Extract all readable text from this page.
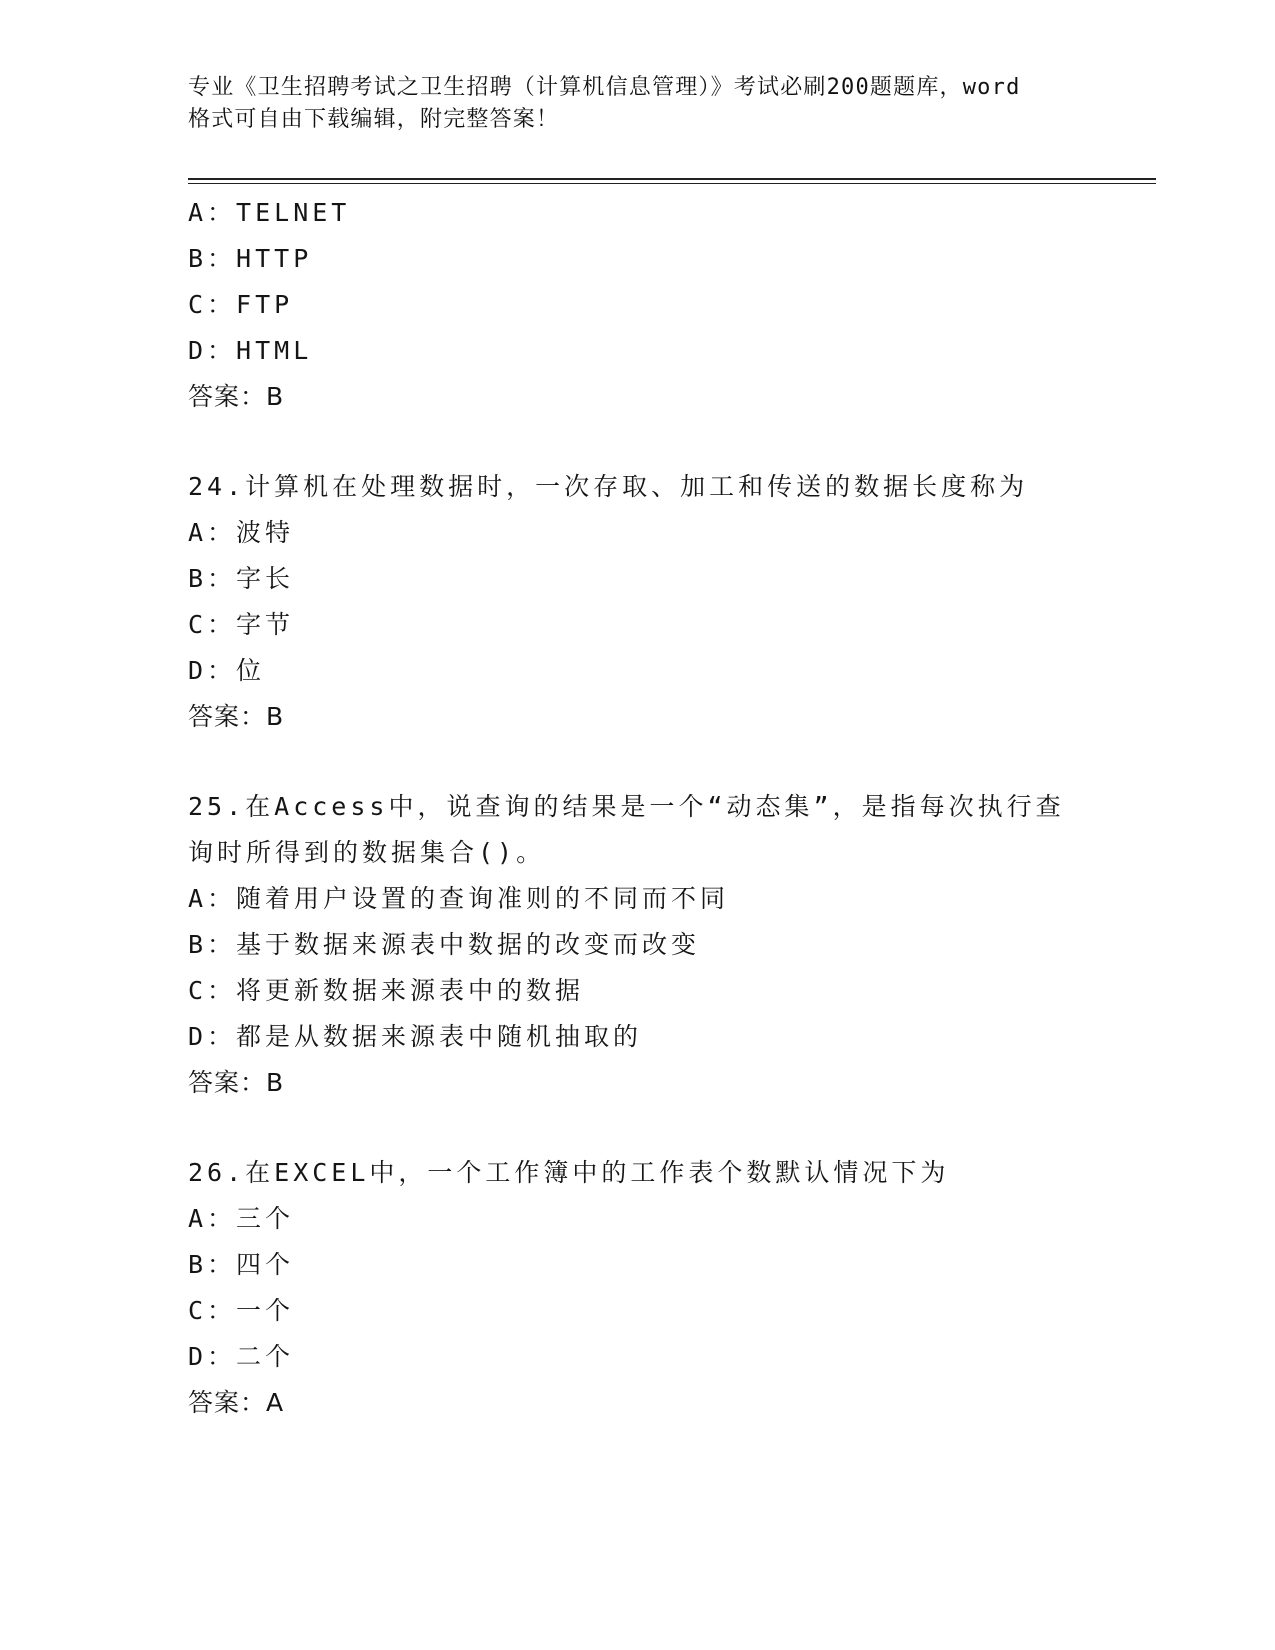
专业《卫生招聘考试之卫生招聘（计算机信息管理）》考试必刷200题题库，word
格式可自由下载编辑，附完整答案！
A：TELNET
B：HTTP
C：FTP
D：HTML
答案：B
24.计算机在处理数据时，一次存取、加工和传送的数据长度称为
A：波特
B：字长
C：字节
D：位
答案：B
25.在Access中，说查询的结果是一个“动态集”，是指每次执行查
询时所得到的数据集合()。
A：随着用户设置的查询准则的不同而不同
B：基于数据来源表中数据的改变而改变
C：将更新数据来源表中的数据
D：都是从数据来源表中随机抽取的
答案：B
26.在EXCEL中，一个工作簿中的工作表个数默认情况下为
A：三个
B：四个
C：一个
D：二个
答案：A
